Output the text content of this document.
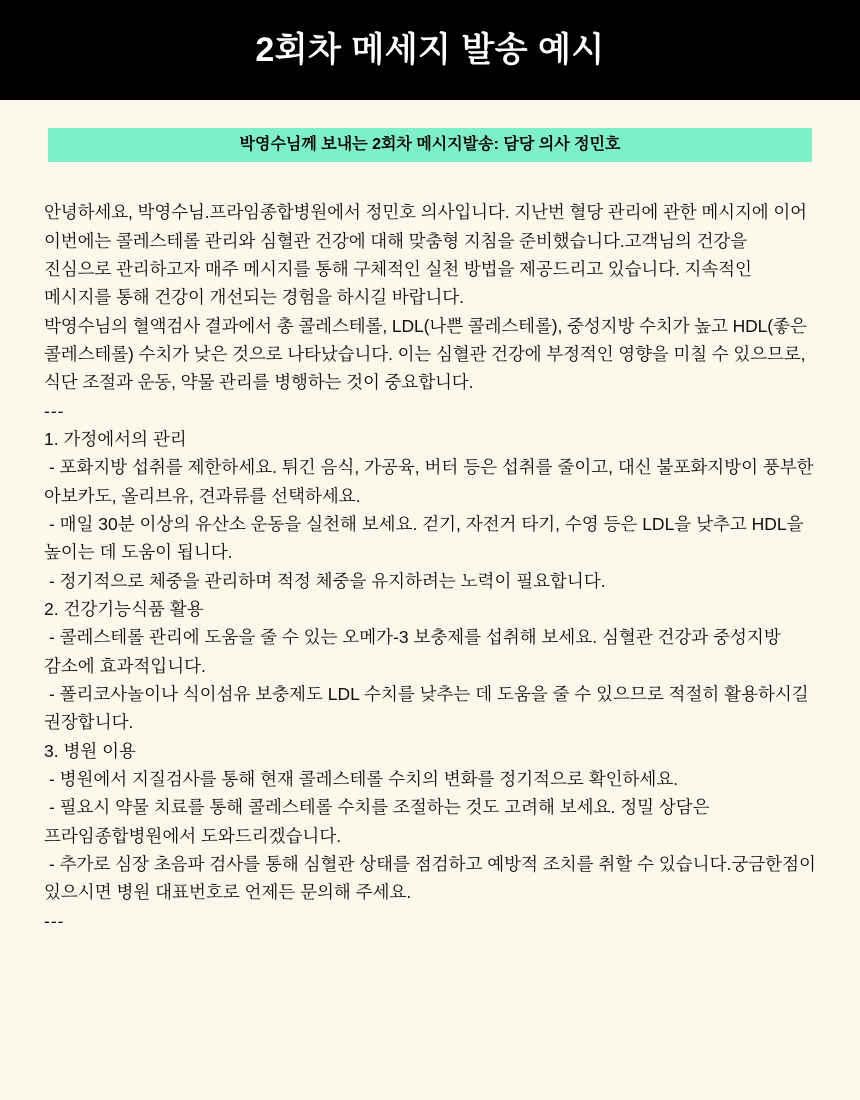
2회차 메세지 발송 예시
박영수님께 보내는 2회차 메시지발송: 담당 의사 정민호

안녕하세요, 박영수님.프라임종합병원에서 정민호 의사입니다. 지난번 혈당 관리에 관한 메시지에 이어 이번에는 콜레스테롤 관리와 심혈관 건강에 대해 맞춤형 지침을 준비했습니다.고객님의 건강을 진심으로 관리하고자 매주 메시지를 통해 구체적인 실천 방법을 제공드리고 있습니다. 지속적인 메시지를 통해 건강이 개선되는 경험을 하시길 바랍니다.

박영수님의 혈액검사 결과에서 총 콜레스테롤, LDL(나쁜 콜레스테롤), 중성지방 수치가 높고 HDL(좋은 콜레스테롤) 수치가 낮은 것으로 나타났습니다. 이는 심혈관 건강에 부정적인 영향을 미칠 수 있으므로, 식단 조절과 운동, 약물 관리를 병행하는 것이 중요합니다.

---
1. 가정에서의 관리
- 포화지방 섭취를 제한하세요. 튀긴 음식, 가공육, 버터 등은 섭취를 줄이고, 대신 불포화지방이 풍부한 아보카도, 올리브유, 견과류를 선택하세요.
- 매일 30분 이상의 유산소 운동을 실천해 보세요. 걷기, 자전거 타기, 수영 등은 LDL을 낮추고 HDL을 높이는 데 도움이 됩니다.
- 정기적으로 체중을 관리하며 적정 체중을 유지하려는 노력이 필요합니다.
2. 건강기능식품 활용
- 콜레스테롤 관리에 도움을 줄 수 있는 오메가-3 보충제를 섭취해 보세요. 심혈관 건강과 중성지방 감소에 효과적입니다.
- 폴리코사놀이나 식이섬유 보충제도 LDL 수치를 낮추는 데 도움을 줄 수 있으므로 적절히 활용하시길 권장합니다.
3. 병원 이용
- 병원에서 지질검사를 통해 현재 콜레스테롤 수치의 변화를 정기적으로 확인하세요.
- 필요시 약물 치료를 통해 콜레스테롤 수치를 조절하는 것도 고려해 보세요. 정밀 상담은 프라임종합병원에서 도와드리겠습니다.
- 추가로 심장 초음파 검사를 통해 심혈관 상태를 점검하고 예방적 조치를 취할 수 있습니다.궁금한점이 있으시면 병원 대표번호로 언제든 문의해 주세요.
---
